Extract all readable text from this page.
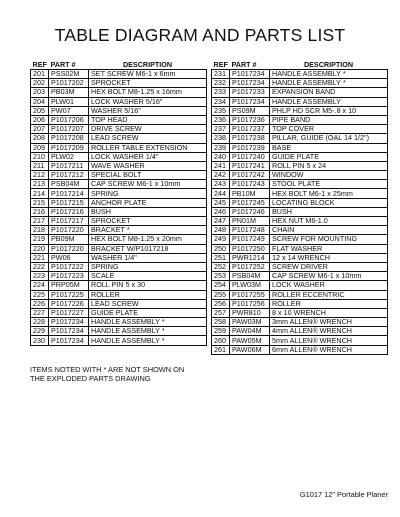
TABLE DIAGRAM AND PARTS LIST
REF	PART #	DESCRIPTION
201	PSS02M	SET SCREW M6-1 x 6mm
202	P1017202	SPROCKET
203	PB03M	HEX BOLT M8-1.25 x 16mm
204	PLW01	LOCK WASHER 5/16"
205	PW07	WASHER 5/16"
206	P1017206	TOP HEAD
207	P1017207	DRIVE SCREW
208	P1017208	LEAD SCREW
209	P1017209	ROLLER TABLE EXTENSION
210	PLW02	LOCK WASHER 1/4"
211	P1017211	WAVE WASHER
212	P1017212	SPECIAL BOLT
213	PSB04M	CAP SCREW M6-1 x 10mm
214	P1017214	SPRING
215	P1017215	ANCHOR PLATE
216	P1017216	BUSH
217	P1017217	SPROCKET
218	P1017220	BRACKET *
219	PB09M	HEX BOLT M8-1.25 x 20mm
220	P1017220	BRACKET W/P1017218
221	PW06	WASHER 1/4"
222	P1017222	SPRING
223	P1017223	SCALE
224	PRP05M	ROLL PIN 5 x 30
225	P1017225	ROLLER
226	P1017226	LEAD SCREW
227	P1017227	GUIDE PLATE
228	P1017234	HANDLE ASSEMBLY *
229	P1017234	HANDLE ASSEMBLY *
230	P1017234	HANDLE ASSEMBLY *
REF	PART #	DESCRIPTION
231	P1017234	HANDLE ASSEMBLY *
232	P1017234	HANDLE ASSEMBLY *
233	P1017233	EXPANSION BAND
234	P1017234	HANDLE ASSEMBLY
235	PS09M	PHLP HD SCR M5-.8 x 10
236	P1017236	PIPE BAND
237	P1017237	TOP COVER
238	P1017238	PILLAR, GUIDE (OAL 14 1/2")
239	P1017239	BASE
240	P1017240	GUIDE PLATE
241	P1017241	ROLL PIN 5 x 24
242	P1017242	WINDOW
243	P1017243	STOOL PLATE
244	PB10M	HEX BOLT M6-1 x 25mm
245	P1017245	LOCATING BLOCK
246	P1017246	BUSH
247	PN01M	HEX NUT M6-1.0
248	P1017248	CHAIN
249	P1017249	SCREW FOR MOUNTING
250	P1017250	FLAT WASHER
251	PWR1214	12 x 14 WRENCH
252	P1017252	SCREW DRIVER
253	PSB04M	CAP SCREW M6-1 x 10mm
254	PLW03M	LOCK WASHER
255	P1017255	ROLLER ECCENTRIC
256	P1017256	ROLLER
257	PWR810	8 x 10 WRENCH
258	PAW03M	3mm ALLEN® WRENCH
259	PAW04M	4mm ALLEN® WRENCH
260	PAW05M	5mm ALLEN® WRENCH
261	PAW06M	6mm ALLEN® WRENCH
ITEMS NOTED WITH * ARE NOT SHOWN ON
THE EXPLODED PARTS DRAWING
G1017 12" Portable Planer
